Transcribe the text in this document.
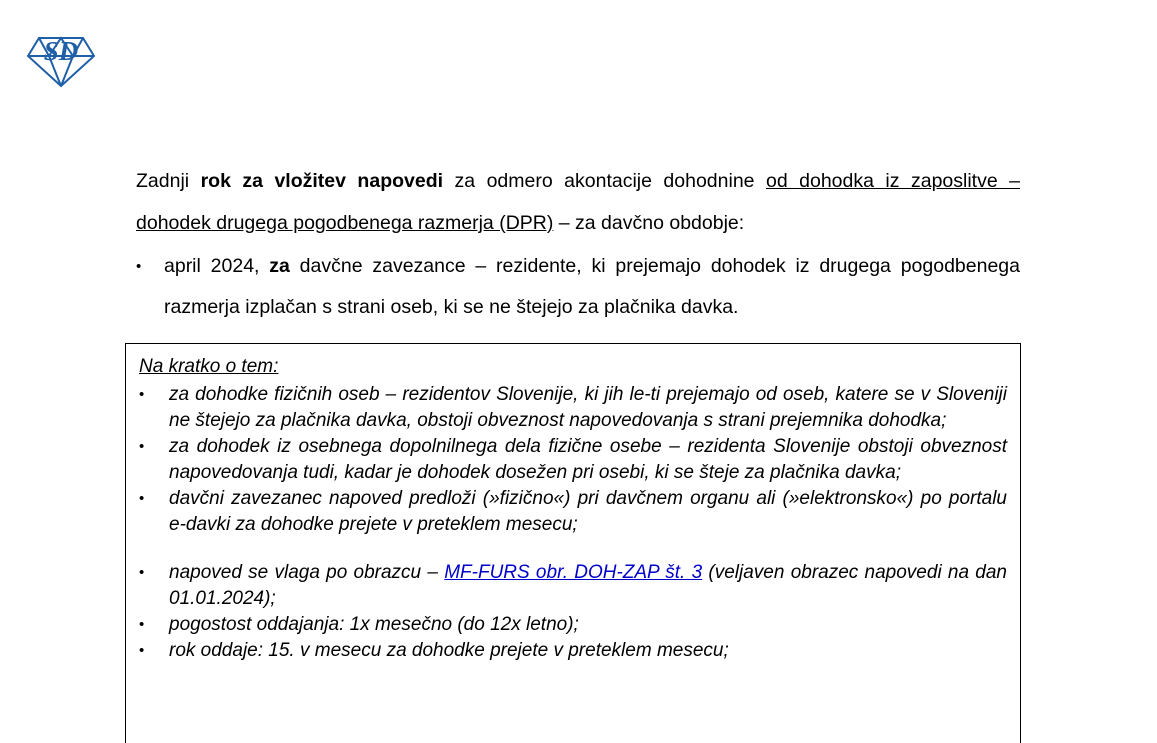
SD
Zadnji rok za vložitev napovedi za odmero akontacije dohodnine od dohodka iz zaposlitve – dohodek drugega pogodbenega razmerja (DPR) – za davčno obdobje:
•	april 2024, za davčne zavezance – rezidente, ki prejemajo dohodek iz drugega pogodbenega razmerja izplačan s strani oseb, ki se ne štejejo za plačnika davka.
Na kratko o tem:
•	za dohodke fizičnih oseb – rezidentov Slovenije, ki jih le-ti prejemajo od oseb, katere se v Sloveniji ne štejejo za plačnika davka, obstoji obveznost napovedovanja s strani prejemnika dohodka;
•	za dohodek iz osebnega dopolnilnega dela fizične osebe – rezidenta Slovenije obstoji obveznost napovedovanja tudi, kadar je dohodek dosežen pri osebi, ki se šteje za plačnika davka;
•	davčni zavezanec napoved predloži (»fizično«) pri davčnem organu ali (»elektronsko«) po portalu e-davki za dohodke prejete v preteklem mesecu;
•	napoved se vlaga po obrazcu – MF-FURS obr. DOH-ZAP št. 3 (veljaven obrazec napovedi na dan 01.01.2024);
•	pogostost oddajanja: 1x mesečno (do 12x letno);
•	rok oddaje: 15. v mesecu za dohodke prejete v preteklem mesecu;
